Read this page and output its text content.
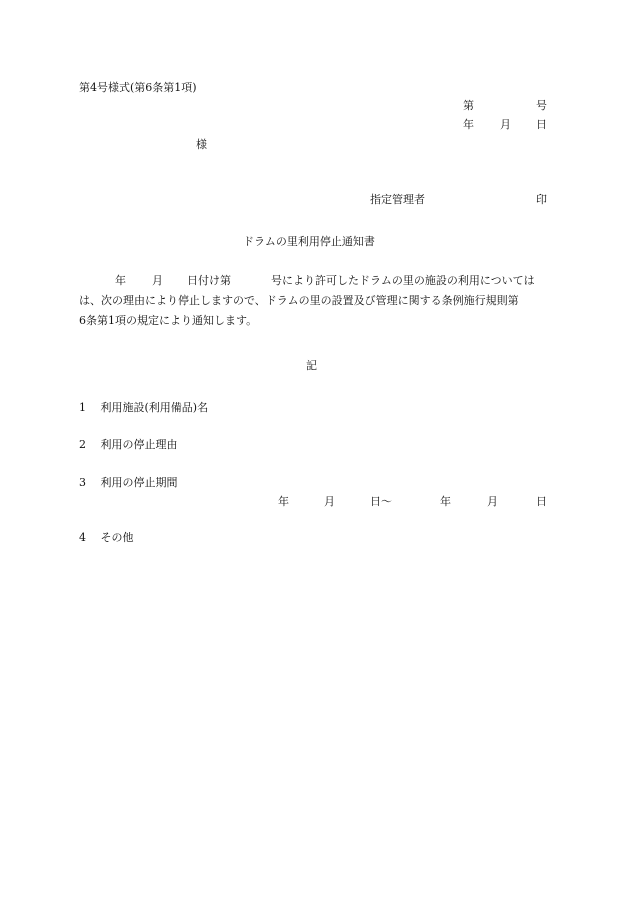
第4号様式(第6条第1項)
第	号
年 月 日
様
指定管理者	印
ドラムの里利用停止通知書
年 月 日付け第	号により許可したドラムの里の施設の利用については
は、次の理由により停止しますので、ドラムの里の設置及び管理に関する条例施行規則第
6条第1項の規定により通知します。
記
1 利用施設(利用備品)名
2 利用の停止理由
3 利用の停止期間
年	月	日〜	年	月	日
4 その他
